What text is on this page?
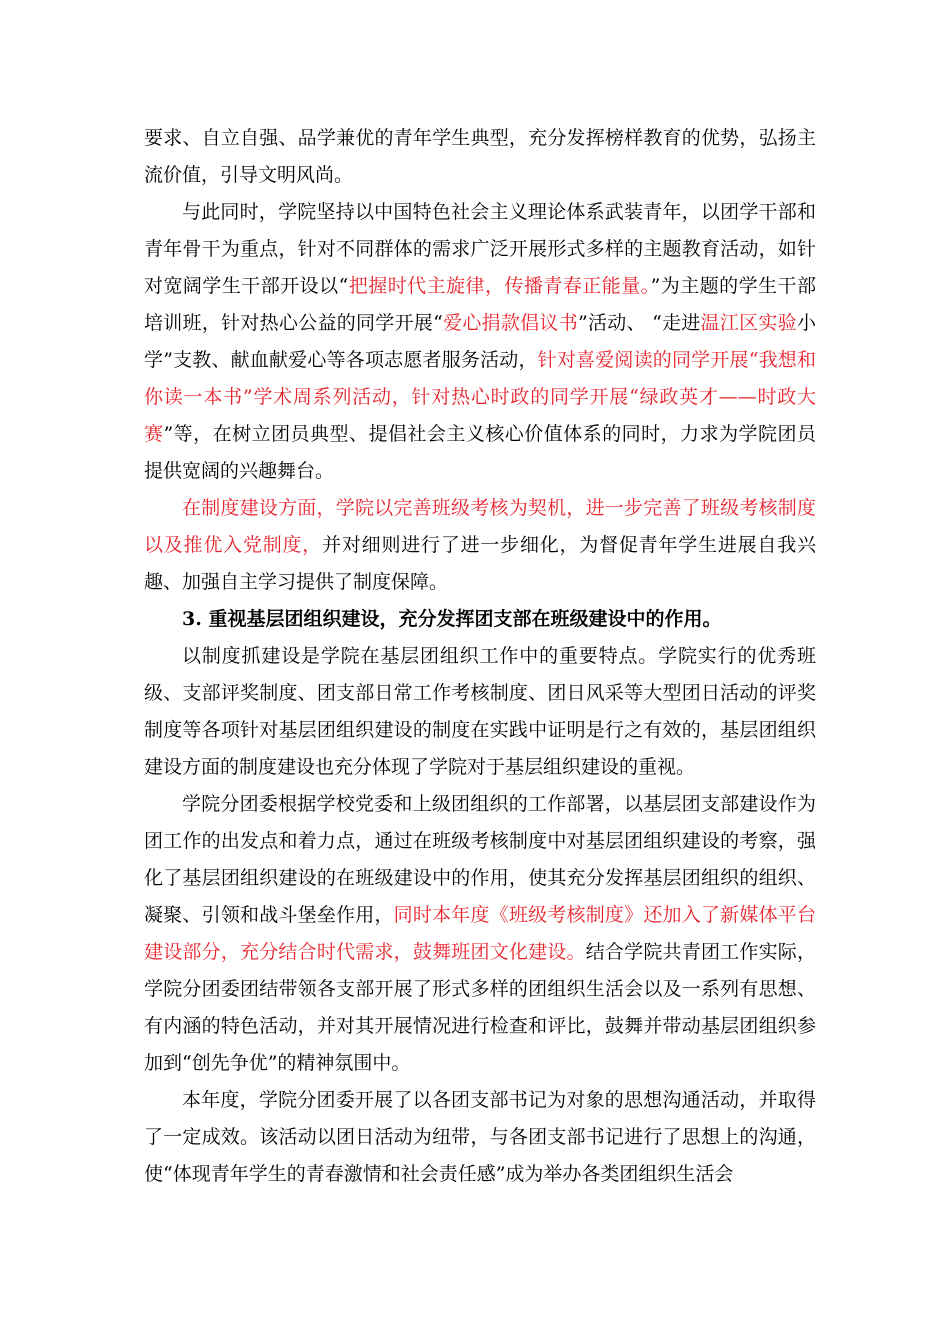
要求、自立自强、品学兼优的青年学生典型，充分发挥榜样教育的优势，弘扬主流价值，引导文明风尚。

与此同时，学院坚持以中国特色社会主义理论体系武装青年，以团学干部和青年骨干为重点，针对不同群体的需求广泛开展形式多样的主题教育活动，如针对宽阔学生干部开设以“把握时代主旋律，传播青春正能量。”为主题的学生干部培训班，针对热心公益的同学开展“爱心捐款倡议书”活动、 “走进温江区实验小学”支教、献血献爱心等各项志愿者服务活动，针对喜爱阅读的同学开展“我想和你读一本书”学术周系列活动，针对热心时政的同学开展“绿政英才——时政大赛”等，在树立团员典型、提倡社会主义核心价值体系的同时，力求为学院团员提供宽阔的兴趣舞台。

在制度建设方面，学院以完善班级考核为契机，进一步完善了班级考核制度以及推优入党制度，并对细则进行了进一步细化，为督促青年学生进展自我兴趣、加强自主学习提供了制度保障。

3. 重视基层团组织建设，充分发挥团支部在班级建设中的作用。

以制度抓建设是学院在基层团组织工作中的重要特点。学院实行的优秀班级、支部评奖制度、团支部日常工作考核制度、团日风采等大型团日活动的评奖制度等各项针对基层团组织建设的制度在实践中证明是行之有效的，基层团组织建设方面的制度建设也充分体现了学院对于基层组织建设的重视。

学院分团委根据学校党委和上级团组织的工作部署，以基层团支部建设作为团工作的出发点和着力点，通过在班级考核制度中对基层团组织建设的考察，强化了基层团组织建设的在班级建设中的作用，使其充分发挥基层团组织的组织、凝聚、引领和战斗堡垒作用，同时本年度《班级考核制度》还加入了新媒体平台建设部分，充分结合时代需求，鼓舞班团文化建设。结合学院共青团工作实际，学院分团委团结带领各支部开展了形式多样的团组织生活会以及一系列有思想、有内涵的特色活动，并对其开展情况进行检查和评比，鼓舞并带动基层团组织参加到“创先争优”的精神氛围中。

本年度，学院分团委开展了以各团支部书记为对象的思想沟通活动，并取得了一定成效。该活动以团日活动为纽带，与各团支部书记进行了思想上的沟通，使“体现青年学生的青春激情和社会责任感”成为举办各类团组织生活会
